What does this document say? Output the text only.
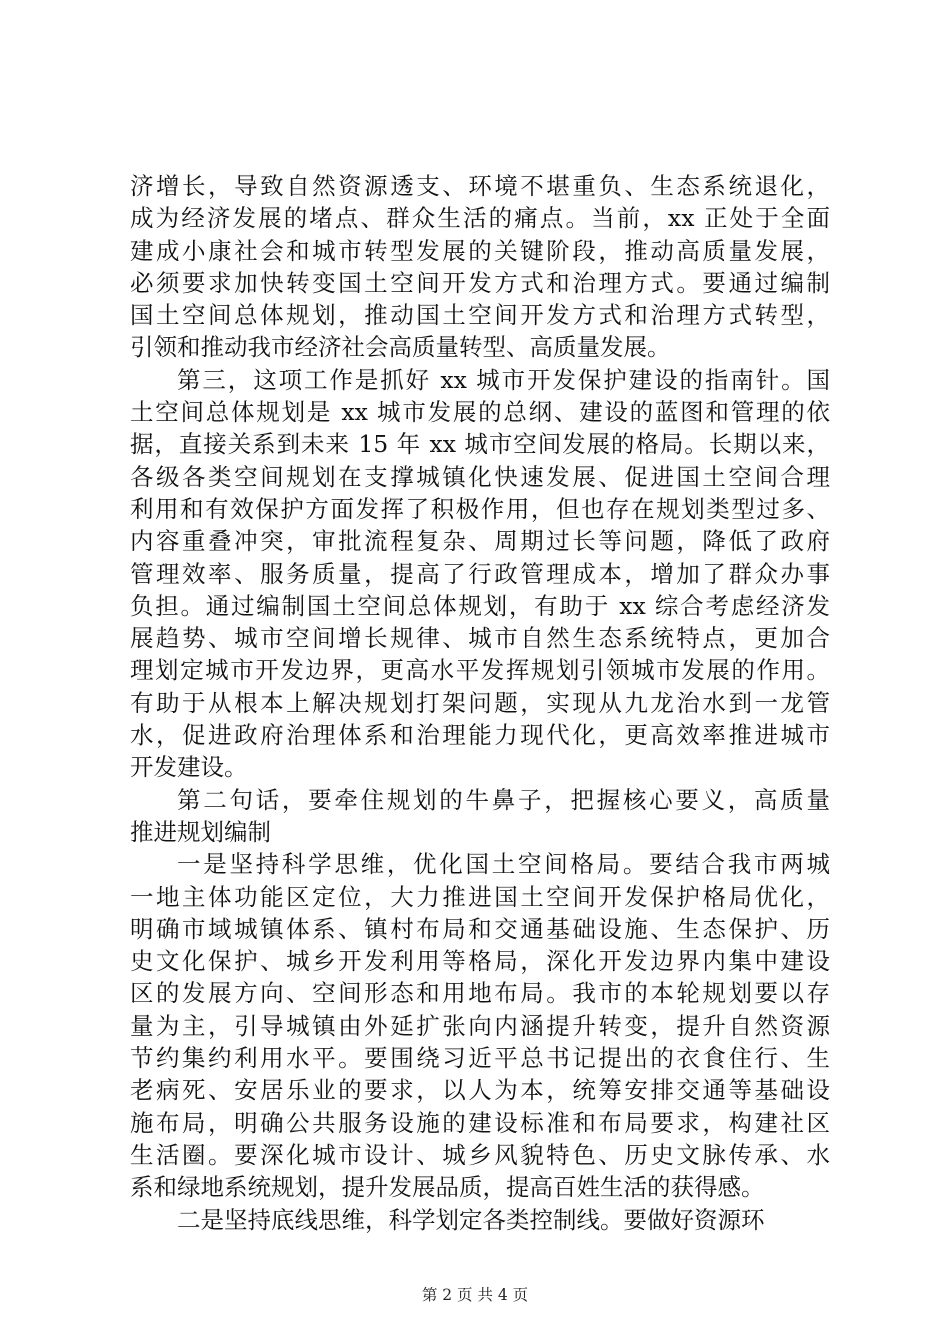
济增长，导致自然资源透支、环境不堪重负、生态系统退化，
成为经济发展的堵点、群众生活的痛点。当前，xx 正处于全面
建成小康社会和城市转型发展的关键阶段，推动高质量发展，
必须要求加快转变国土空间开发方式和治理方式。要通过编制
国土空间总体规划，推动国土空间开发方式和治理方式转型，
引领和推动我市经济社会高质量转型、高质量发展。
第三，这项工作是抓好 xx 城市开发保护建设的指南针。国
土空间总体规划是 xx 城市发展的总纲、建设的蓝图和管理的依
据，直接关系到未来 15 年 xx 城市空间发展的格局。长期以来，
各级各类空间规划在支撑城镇化快速发展、促进国土空间合理
利用和有效保护方面发挥了积极作用，但也存在规划类型过多、
内容重叠冲突，审批流程复杂、周期过长等问题，降低了政府
管理效率、服务质量，提高了行政管理成本，增加了群众办事
负担。通过编制国土空间总体规划，有助于 xx 综合考虑经济发
展趋势、城市空间增长规律、城市自然生态系统特点，更加合
理划定城市开发边界，更高水平发挥规划引领城市发展的作用。
有助于从根本上解决规划打架问题，实现从九龙治水到一龙管
水，促进政府治理体系和治理能力现代化，更高效率推进城市
开发建设。
第二句话，要牵住规划的牛鼻子，把握核心要义，高质量
推进规划编制
一是坚持科学思维，优化国土空间格局。要结合我市两城
一地主体功能区定位，大力推进国土空间开发保护格局优化，
明确市域城镇体系、镇村布局和交通基础设施、生态保护、历
史文化保护、城乡开发利用等格局，深化开发边界内集中建设
区的发展方向、空间形态和用地布局。我市的本轮规划要以存
量为主，引导城镇由外延扩张向内涵提升转变，提升自然资源
节约集约利用水平。要围绕习近平总书记提出的衣食住行、生
老病死、安居乐业的要求，以人为本，统筹安排交通等基础设
施布局，明确公共服务设施的建设标准和布局要求，构建社区
生活圈。要深化城市设计、城乡风貌特色、历史文脉传承、水
系和绿地系统规划，提升发展品质，提高百姓生活的获得感。
二是坚持底线思维，科学划定各类控制线。要做好资源环
第 2 页 共 4 页
